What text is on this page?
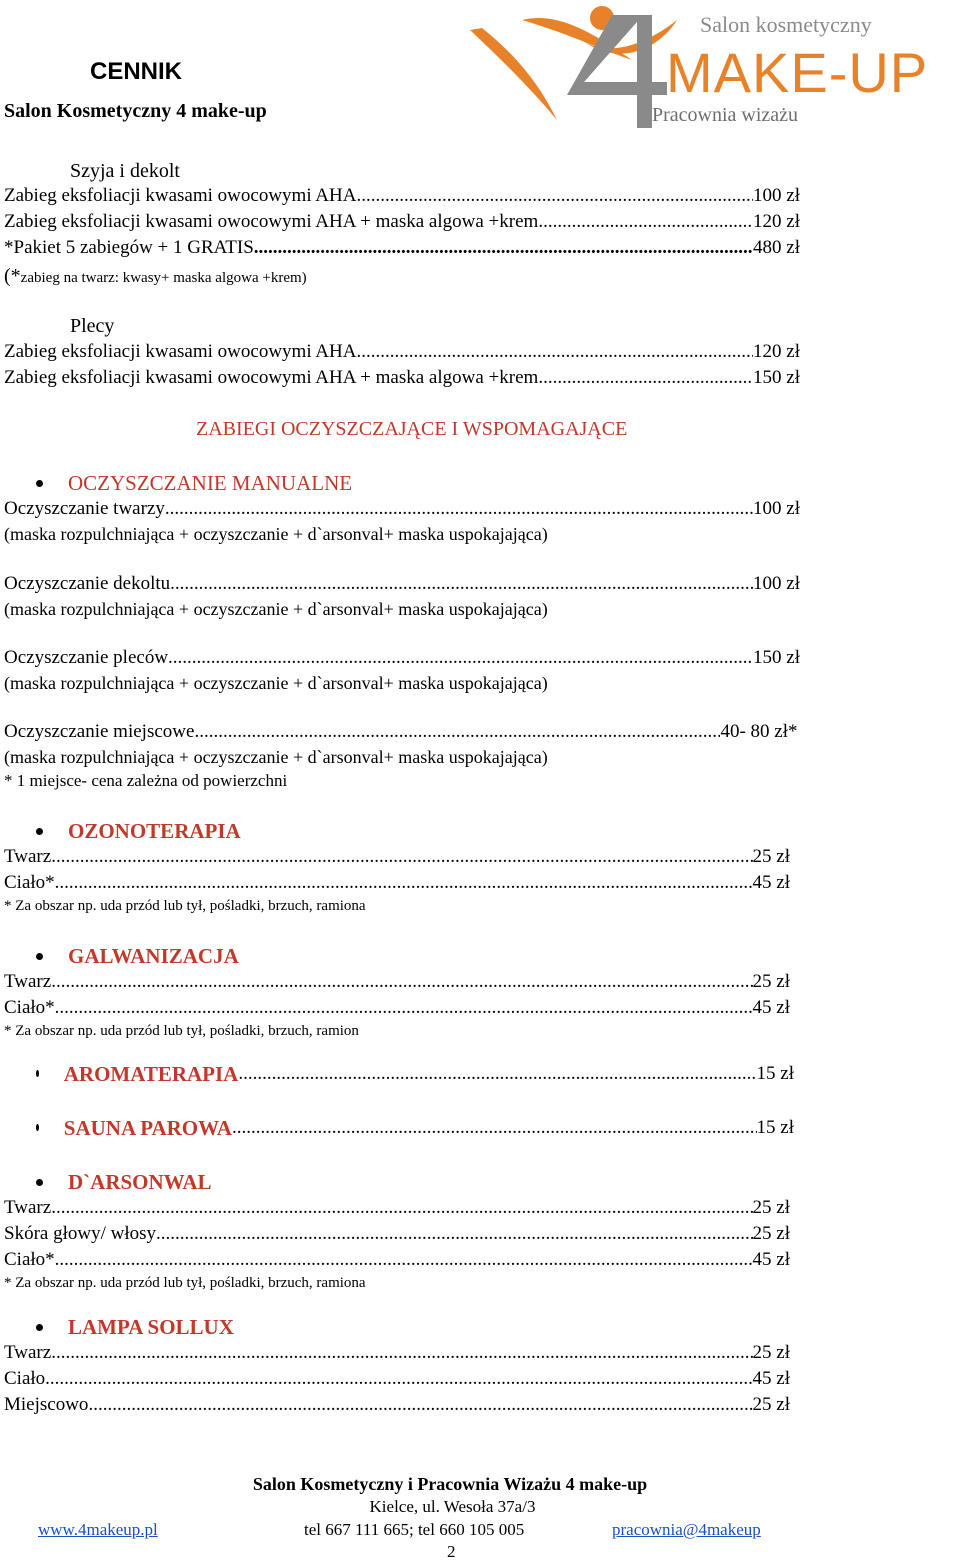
CENNIK
Salon Kosmetyczny 4 make-up
Salon kosmetyczny
MAKE-UP
Pracownia wizażu
Szyja i dekolt
Zabieg eksfoliacji kwasami owocowymi AHA .....	100 zł
Zabieg eksfoliacji kwasami owocowymi AHA + maska algowa +krem .....	120 zł
*Pakiet 5 zabiegów + 1 GRATIS .....	480 zł
(*zabieg na twarz: kwasy+ maska algowa +krem)
Plecy
Zabieg eksfoliacji kwasami owocowymi AHA .....	120 zł
Zabieg eksfoliacji kwasami owocowymi AHA + maska algowa +krem .....	150 zł
ZABIEGI OCZYSZCZAJĄCE I WSPOMAGAJĄCE
OCZYSZCZANIE MANUALNE
Oczyszczanie twarzy .....	100 zł
(maska rozpulchniająca + oczyszczanie + d`arsonval+ maska uspokajająca)
Oczyszczanie dekoltu .....	100 zł
(maska rozpulchniająca + oczyszczanie + d`arsonval+ maska uspokajająca)
Oczyszczanie pleców .....	150 zł
(maska rozpulchniająca + oczyszczanie + d`arsonval+ maska uspokajająca)
Oczyszczanie miejscowe .....	40- 80 zł*
(maska rozpulchniająca + oczyszczanie + d`arsonval+ maska uspokajająca)
* 1 miejsce- cena zależna od powierzchni
OZONOTERAPIA
Twarz .....	25 zł
Ciało* .....	45 zł
* Za obszar np. uda przód lub tył, pośladki, brzuch, ramiona
GALWANIZACJA
Twarz .....	25 zł
Ciało* .....	45 zł
* Za obszar np. uda przód lub tył, pośladki, brzuch, ramion
AROMATERAPIA .....	15 zł
SAUNA PAROWA .....	15 zł
D`ARSONWAL
Twarz .....	25 zł
Skóra głowy/ włosy .....	25 zł
Ciało* .....	45 zł
* Za obszar np. uda przód lub tył, pośladki, brzuch, ramiona
LAMPA SOLLUX
Twarz .....	25 zł
Ciało .....	45 zł
Miejscowo .....	25 zł
Salon Kosmetyczny i Pracownia Wizażu 4 make-up
Kielce, ul. Wesoła 37a/3
www.4makeup.pl	tel 667 111 665; tel 660 105 005	pracownia@4makeup
2
